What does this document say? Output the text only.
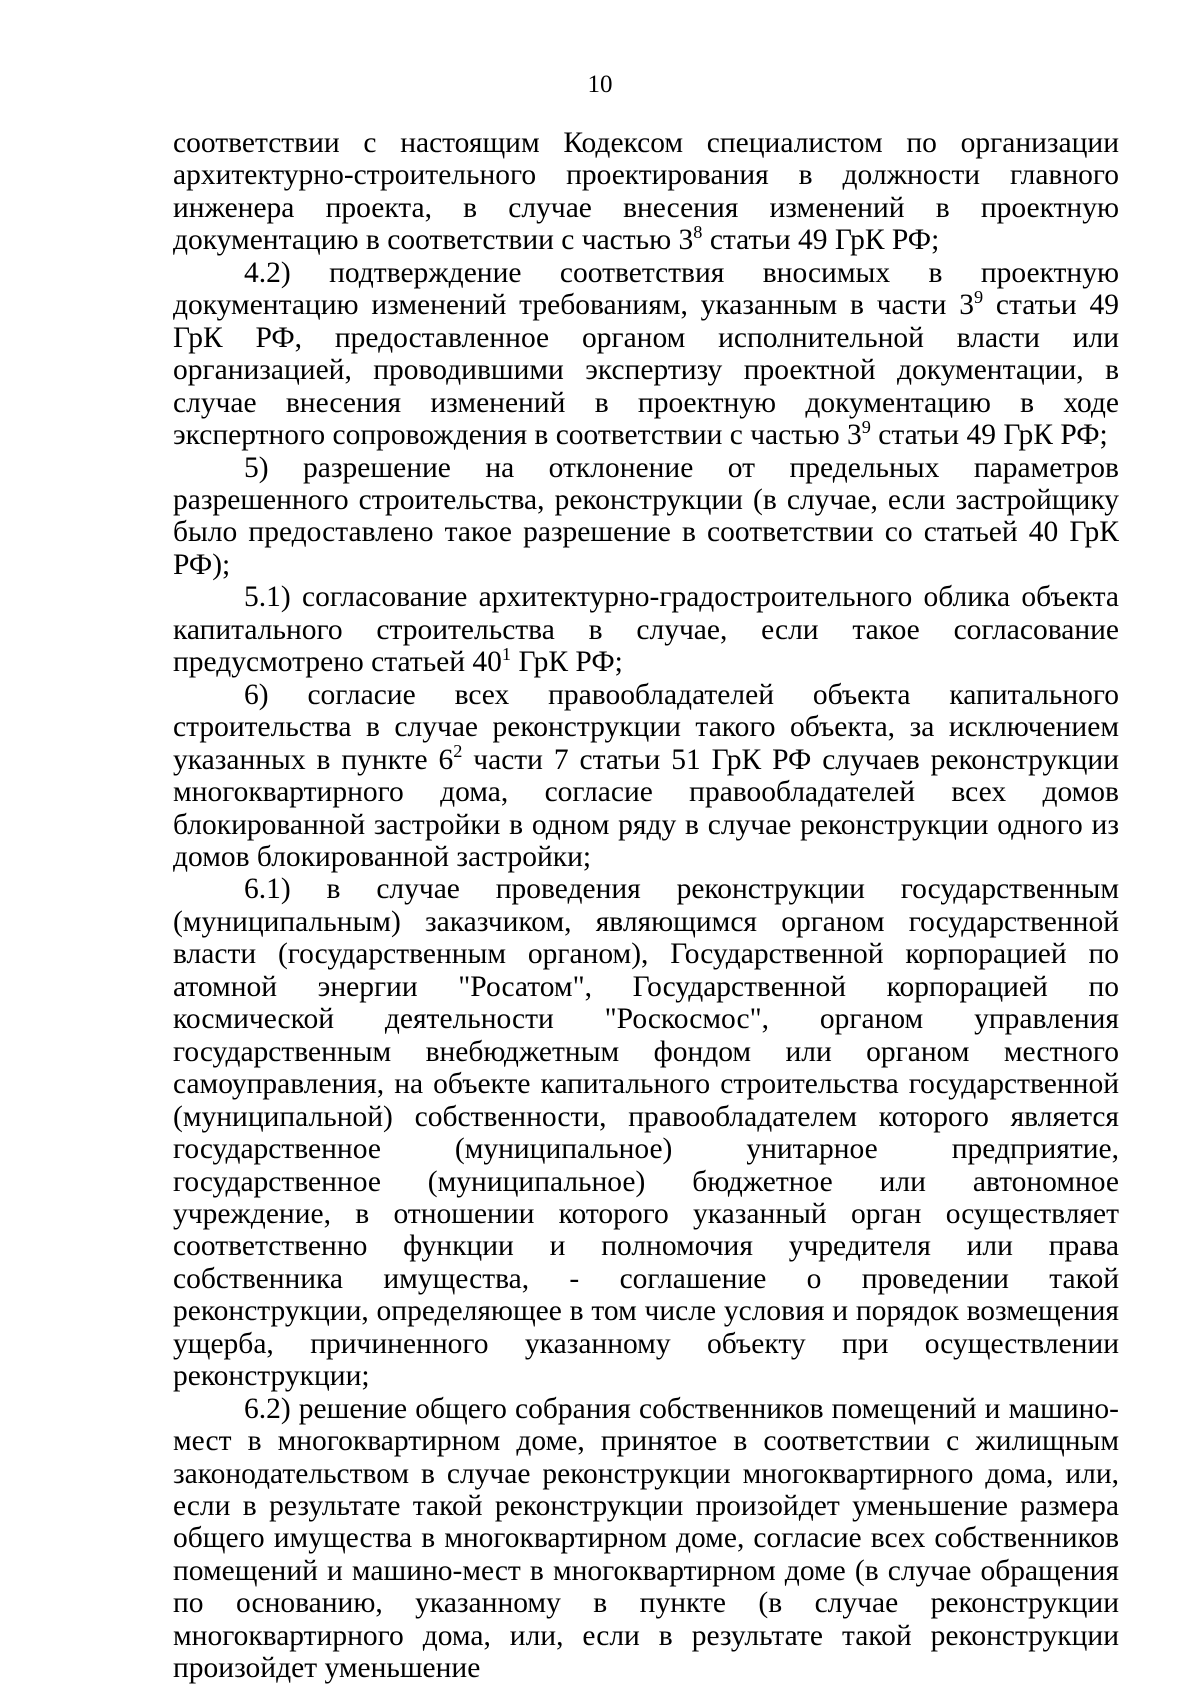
10

соответствии с настоящим Кодексом специалистом по организации архитектурно-строительного проектирования в должности главного инженера проекта, в случае внесения изменений в проектную документацию в соответствии с частью $3^8$ статьи 49 ГрК РФ;

4.2) подтверждение соответствия вносимых в проектную документацию изменений требованиям, указанным в части $3^9$ статьи 49 ГрК РФ, предоставленное органом исполнительной власти или организацией, проводившими экспертизу проектной документации, в случае внесения изменений в проектную документацию в ходе экспертного сопровождения в соответствии с частью $3^9$ статьи 49 ГрК РФ;

5) разрешение на отклонение от предельных параметров разрешенного строительства, реконструкции (в случае, если застройщику было предоставлено такое разрешение в соответствии со статьей 40 ГрК РФ);

5.1) согласование архитектурно-градостроительного облика объекта капитального строительства в случае, если такое согласование предусмотрено статьей $40^1$ ГрК РФ;

6) согласие всех правообладателей объекта капитального строительства в случае реконструкции такого объекта, за исключением указанных в пункте $6^2$ части 7 статьи 51 ГрК РФ случаев реконструкции многоквартирного дома, согласие правообладателей всех домов блокированной застройки в одном ряду в случае реконструкции одного из домов блокированной застройки;

6.1) в случае проведения реконструкции государственным (муниципальным) заказчиком, являющимся органом государственной власти (государственным органом), Государственной корпорацией по атомной энергии "Росатом", Государственной корпорацией по космической деятельности "Роскосмос", органом управления государственным внебюджетным фондом или органом местного самоуправления, на объекте капитального строительства государственной (муниципальной) собственности, правообладателем которого является государственное (муниципальное) унитарное предприятие, государственное (муниципальное) бюджетное или автономное учреждение, в отношении которого указанный орган осуществляет соответственно функции и полномочия учредителя или права собственника имущества, - соглашение о проведении такой реконструкции, определяющее в том числе условия и порядок возмещения ущерба, причиненного указанному объекту при осуществлении реконструкции;

6.2) решение общего собрания собственников помещений и машино-мест в многоквартирном доме, принятое в соответствии с жилищным законодательством в случае реконструкции многоквартирного дома, или, если в результате такой реконструкции произойдет уменьшение размера общего имущества в многоквартирном доме, согласие всех собственников помещений и машино-мест в многоквартирном доме (в случае обращения по основанию, указанному в пункте (в случае реконструкции многоквартирного дома, или, если в результате такой реконструкции произойдет уменьшение
